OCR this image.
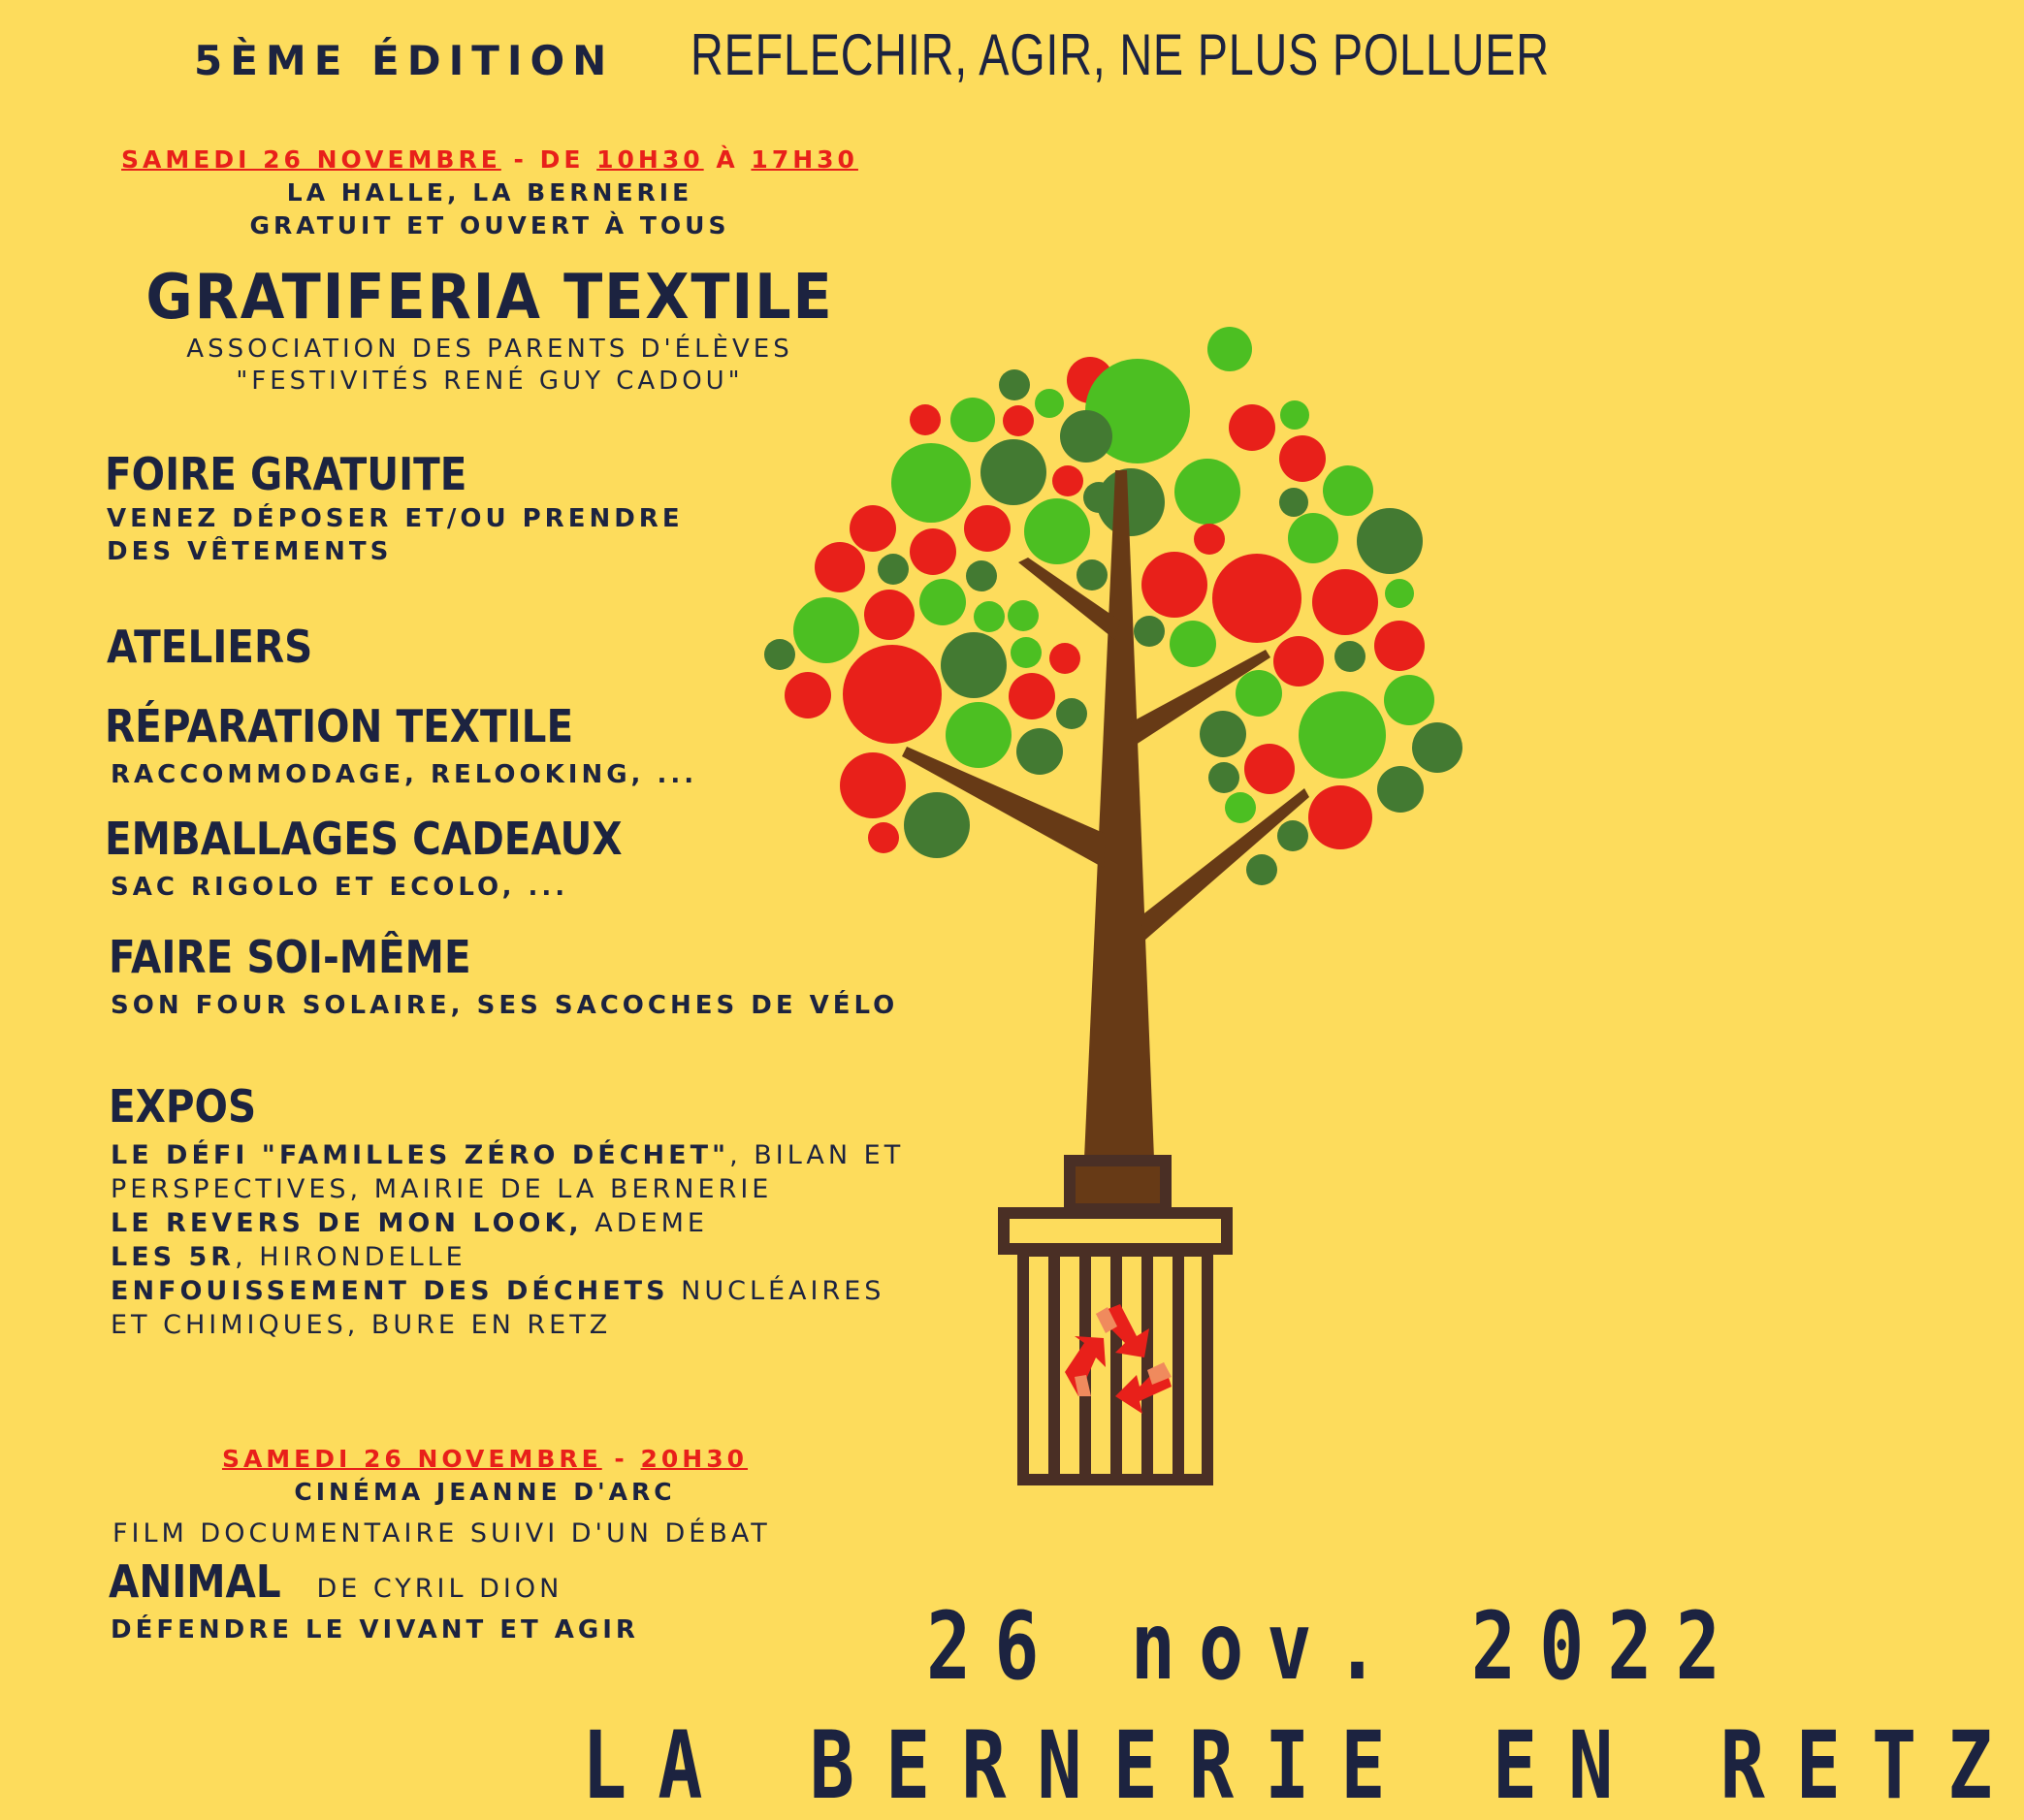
5ÈME ÉDITION REFLECHIR, AGIR, NE PLUS POLLUER
SAMEDI 26 NOVEMBRE - DE 10H30 À 17H30
LA HALLE, LA BERNERIE
GRATUIT ET OUVERT À TOUS
GRATIFERIA TEXTILE
ASSOCIATION DES PARENTS D'ÉLÈVES
"FESTIVITÉS RENÉ GUY CADOU"
FOIRE GRATUITE
VENEZ DÉPOSER ET/OU PRENDRE
DES VÊTEMENTS
ATELIERS
RÉPARATION TEXTILE
RACCOMMODAGE, RELOOKING, ...
EMBALLAGES CADEAUX
SAC RIGOLO ET ECOLO, ...
FAIRE SOI-MÊME
SON FOUR SOLAIRE, SES SACOCHES DE VÉLO
EXPOS
LE DÉFI "FAMILLES ZÉRO DÉCHET", BILAN ET
PERSPECTIVES, MAIRIE DE LA BERNERIE
LE REVERS DE MON LOOK, ADEME
LES 5R, HIRONDELLE
ENFOUISSEMENT DES DÉCHETS NUCLÉAIRES
ET CHIMIQUES, BURE EN RETZ
SAMEDI 26 NOVEMBRE - 20H30
CINÉMA JEANNE D'ARC
FILM DOCUMENTAIRE SUIVI D'UN DÉBAT
ANIMAL DE CYRIL DION
DÉFENDRE LE VIVANT ET AGIR	26 nov. 2022
LA BERNERIE EN RETZ
